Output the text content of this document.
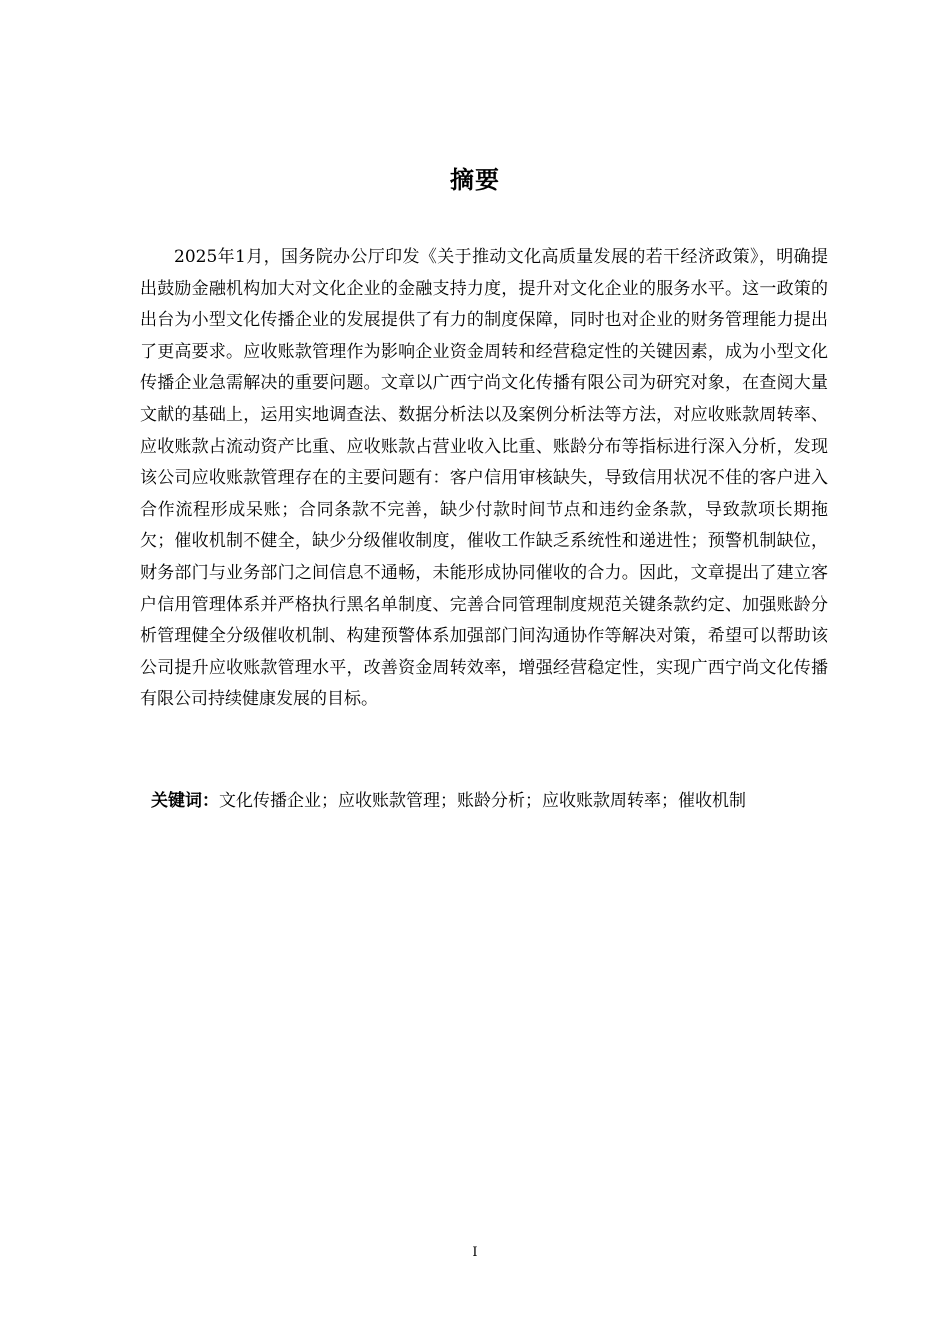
摘要

2025年1月，国务院办公厅印发《关于推动文化高质量发展的若干经济政策》，明确提出鼓励金融机构加大对文化企业的金融支持力度，提升对文化企业的服务水平。这一政策的出台为小型文化传播企业的发展提供了有力的制度保障，同时也对企业的财务管理能力提出了更高要求。应收账款管理作为影响企业资金周转和经营稳定性的关键因素，成为小型文化传播企业急需解决的重要问题。文章以广西宁尚文化传播有限公司为研究对象，在查阅大量文献的基础上，运用实地调查法、数据分析法以及案例分析法等方法，对应收账款周转率、应收账款占流动资产比重、应收账款占营业收入比重、账龄分布等指标进行深入分析，发现该公司应收账款管理存在的主要问题有：客户信用审核缺失，导致信用状况不佳的客户进入合作流程形成呆账；合同条款不完善，缺少付款时间节点和违约金条款，导致款项长期拖欠；催收机制不健全，缺少分级催收制度，催收工作缺乏系统性和递进性；预警机制缺位，财务部门与业务部门之间信息不通畅，未能形成协同催收的合力。因此，文章提出了建立客户信用管理体系并严格执行黑名单制度、完善合同管理制度规范关键条款约定、加强账龄分析管理健全分级催收机制、构建预警体系加强部门间沟通协作等解决对策，希望可以帮助该公司提升应收账款管理水平，改善资金周转效率，增强经营稳定性，实现广西宁尚文化传播有限公司持续健康发展的目标。

关键词：文化传播企业；应收账款管理；账龄分析；应收账款周转率；催收机制

I
